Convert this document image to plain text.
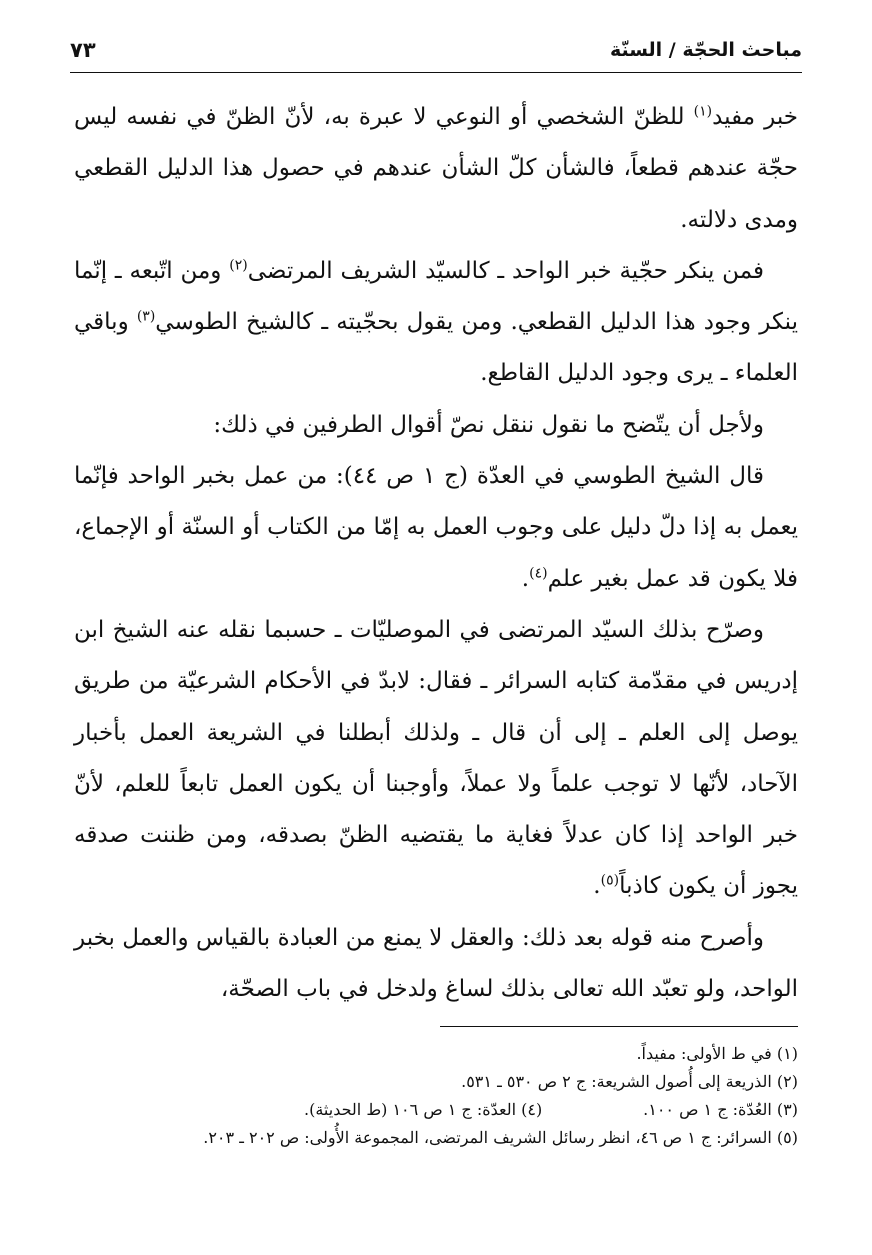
مباحث الحجّة / السنّة
٧٣

خبر مفيد$^{(١)}$ للظنّ الشخصي أو النوعي لا عبرة به، لأنّ الظنّ في نفسه ليس حجّة عندهم قطعاً، فالشأن كلّ الشأن عندهم في حصول هذا الدليل القطعي ومدى دلالته.

فمن ينكر حجّية خبر الواحد ـ كالسيّد الشريف المرتضى$^{(٢)}$ ومن اتّبعه ـ إنّما ينكر وجود هذا الدليل القطعي. ومن يقول بحجّيته ـ كالشيخ الطوسي$^{(٣)}$ وباقي العلماء ـ يرى وجود الدليل القاطع.

ولأجل أن يتّضح ما نقول ننقل نصّ أقوال الطرفين في ذلك:

قال الشيخ الطوسي في العدّة (ج ١ ص ٤٤): من عمل بخبر الواحد فإنّما يعمل به إذا دلّ دليل على وجوب العمل به إمّا من الكتاب أو السنّة أو الإجماع، فلا يكون قد عمل بغير علم$^{(٤)}$.

وصرّح بذلك السيّد المرتضى في الموصليّات ـ حسبما نقله عنه الشيخ ابن إدريس في مقدّمة كتابه السرائر ـ فقال: لابدّ في الأحكام الشرعيّة من طريق يوصل إلى العلم ـ إلى أن قال ـ ولذلك أبطلنا في الشريعة العمل بأخبار الآحاد، لأنّها لا توجب علماً ولا عملاً، وأوجبنا أن يكون العمل تابعاً للعلم، لأنّ خبر الواحد إذا كان عدلاً فغاية ما يقتضيه الظنّ بصدقه، ومن ظننت صدقه يجوز أن يكون كاذباً$^{(٥)}$.

وأصرح منه قوله بعد ذلك: والعقل لا يمنع من العبادة بالقياس والعمل بخبر الواحد، ولو تعبّد الله تعالى بذلك لساغ ولدخل في باب الصحّة،

(١) في ط الأولى: مفيداً.

(٢) الذريعة إلى أُصول الشريعة: ج ٢ ص ٥٣٠ ـ ٥٣١.

(٣) العُدّة: ج ١ ص ١٠٠.
(٤) العدّة: ج ١ ص ١٠٦ (ط الحديثة).

(٥) السرائر: ج ١ ص ٤٦، انظر رسائل الشريف المرتضى، المجموعة الأُولى: ص ٢٠٢ ـ ٢٠٣.
